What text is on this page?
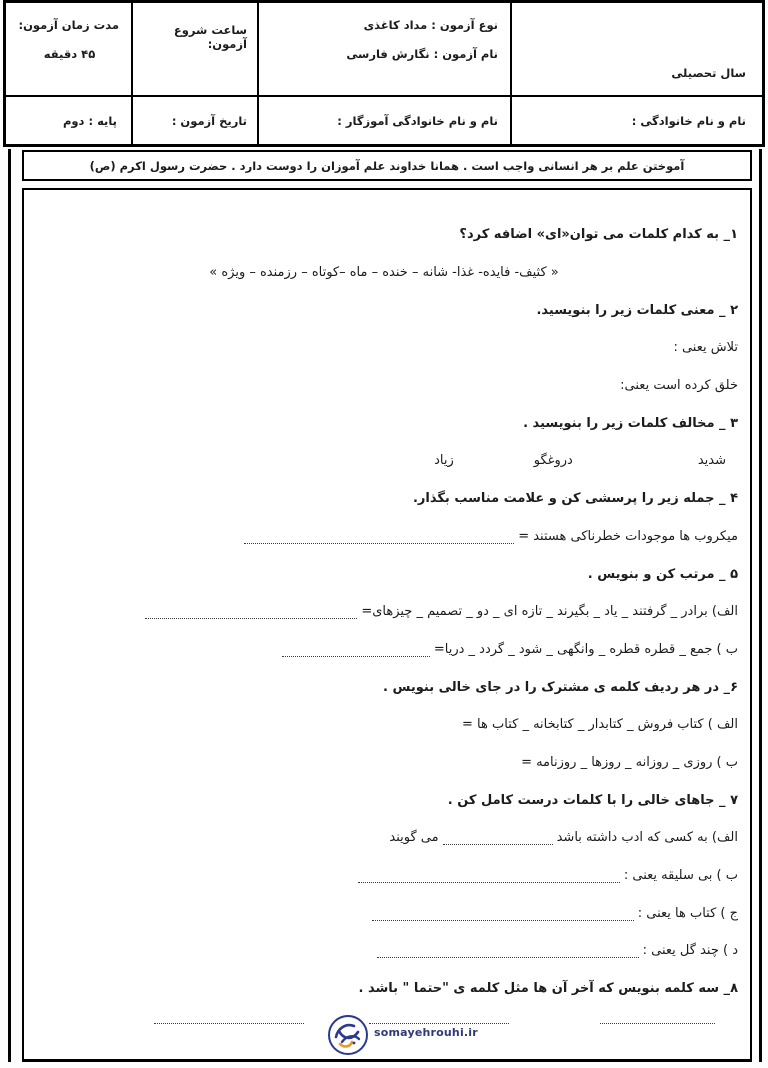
سال تحصیلی
نوع آزمون : مداد کاغذی
نام آزمون : نگارش فارسی
ساعت شروع آزمون:
مدت زمان آزمون:
۴۵ دقیقه
نام و نام خانوادگی :
نام و نام خانوادگی آموزگار :
تاریخ آزمون :
پایه : دوم
آموختن علم بر هر انسانی واجب است . همانا خداوند علم آموزان را دوست دارد . حضرت رسول اکرم (ص)
۱_ به کدام کلمات می توان«ای» اضافه کرد؟
« کثیف- فایده- غذا- شانه – خنده – ماه –کوتاه – رزمنده – ویژه »
۲ _ معنی کلمات زیر را بنویسید.
تلاش یعنی :
خلق کرده است یعنی:
۳ _ مخالف کلمات زیر را بنویسید .
شدید
دروغگو
زیاد
۴ _ جمله زیر را پرسشی کن و علامت مناسب بگذار.
میکروب ها موجودات خطرناکی هستند =
۵ _ مرتب کن و بنویس .
الف) برادر _ گرفتند _ یاد _ بگیرند _ تازه ای _ دو _ تصمیم _ چیزهای=
ب ) جمع _ قطره قطره _ وانگهی _ شود _ گردد _ دریا=
۶_ در هر ردیف کلمه ی مشترک را در جای خالی بنویس .
الف ) کتاب فروش _ کتابدار _ کتابخانه _ کتاب ها =
ب ) روزی _ روزانه _ روزها _ روزنامه =
۷ _ جاهای خالی را با کلمات درست کامل کن .
الف) به کسی که ادب داشته باشد
می گویند
ب ) بی سلیقه یعنی :
ج ) کتاب ها یعنی :
د ) چند گل یعنی :
۸_ سه کلمه بنویس که آخر آن ها مثل کلمه ی "حتما " باشد .
somayehrouhi.ir
